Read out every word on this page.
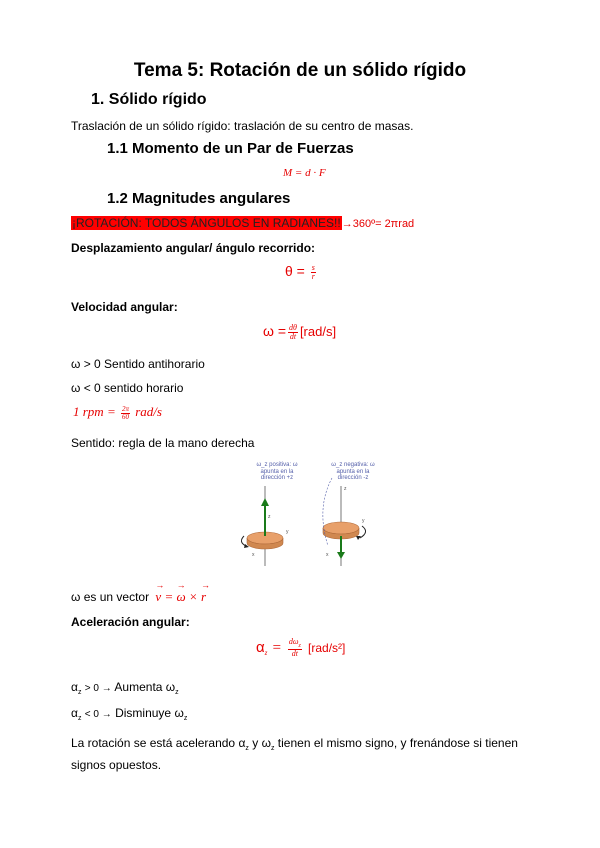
Tema 5: Rotación de un sólido rígido
1. Sólido rígido
Traslación de un sólido rígido: traslación de su centro de masas.
1.1 Momento de un Par de Fuerzas
M = d · F
1.2 Magnitudes angulares
¡ROTACIÓN: TODOS ÁNGULOS EN RADIANES!!→360º= 2πrad
Desplazamiento angular/ ángulo recorrido:
$\theta = \frac{s}{r}$
Velocidad angular:
$\omega = \frac{d\theta}{dt} [rad/s]$
ω > 0 Sentido antihorario
ω < 0 sentido horario
1 rpm = $\frac{2\pi}{60} rad/s$
Sentido: regla de la mano derecha
ω_z positiva: ω apunta en la dirección +z
ω_z negativa: ω apunta en la dirección -z
z
y
x
z
y
x
ω es un vector → v = → ω × → r
Aceleración angular:
$\alpha_z = \frac{d\omega_z}{dt} [rad/s^2]$
$\alpha_z > 0$ → Aumenta $\omega_z$
$\alpha_z < 0$ → Disminuye $\omega_z$
La rotación se está acelerando $\alpha_z$ y $\omega_z$ tienen el mismo signo, y frenándose si tienen signos opuestos.
